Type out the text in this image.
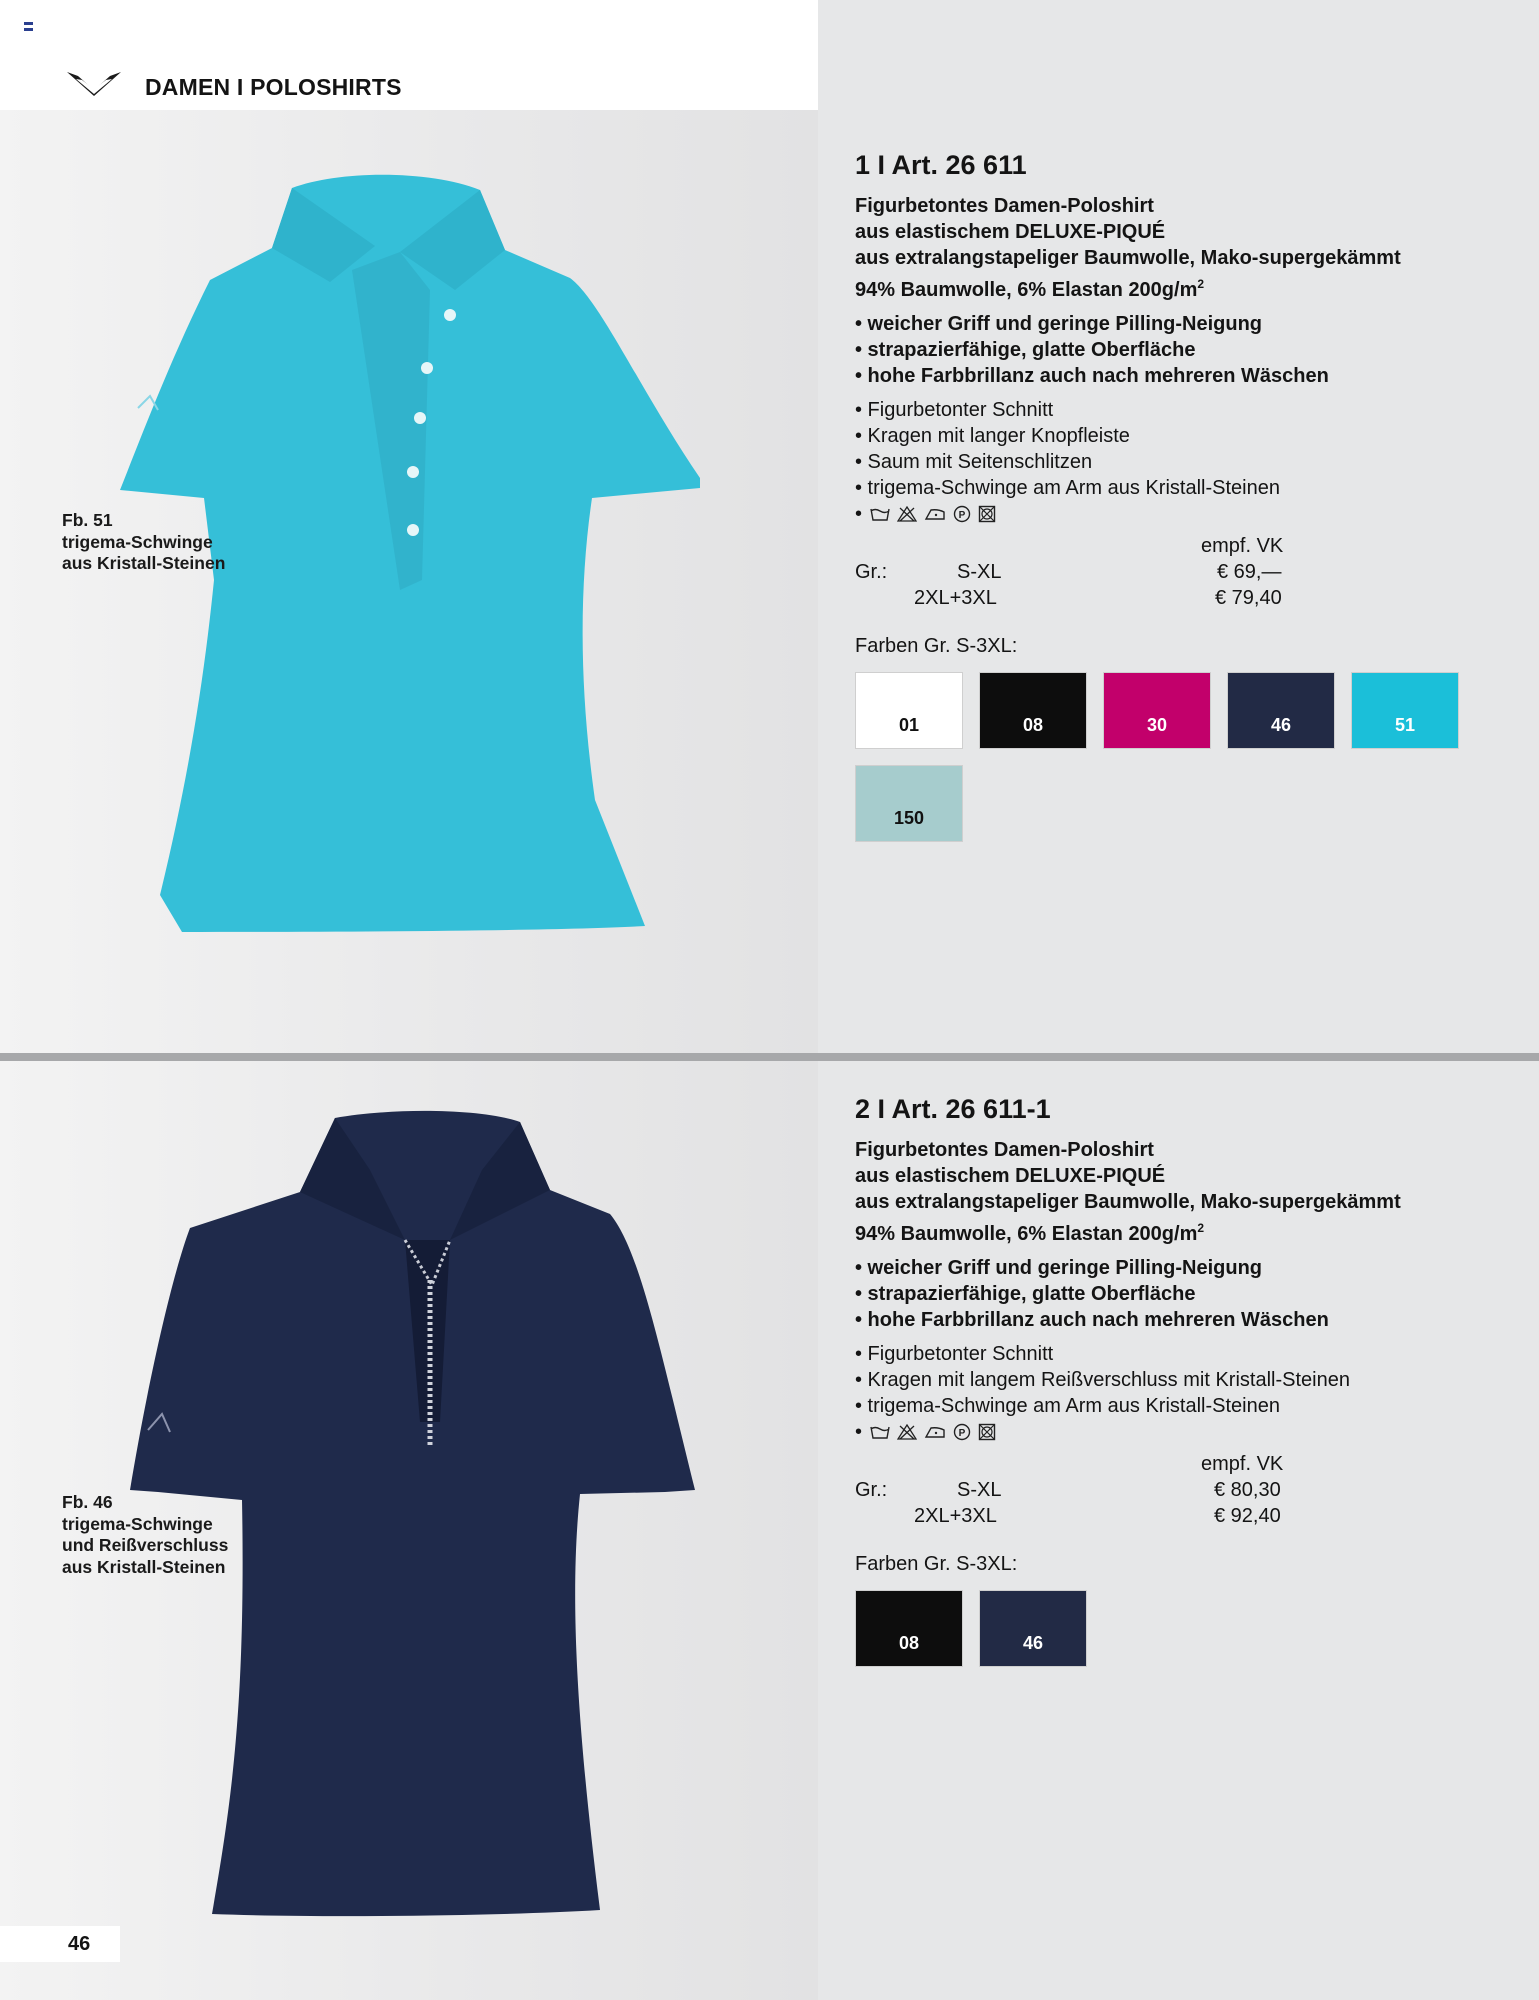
DAMEN I POLOSHIRTS
Fb. 51
trigema-Schwinge
aus Kristall-Steinen
1 I Art. 26 611
Figurbetontes Damen-Poloshirt
aus elastischem DELUXE-PIQUÉ
aus extralangstapeliger Baumwolle, Mako-supergekämmt
94% Baumwolle, 6% Elastan $200g/m^2$
• weicher Griff und geringe Pilling-Neigung
• strapazierfähige, glatte Oberfläche
• hohe Farbbrillanz auch nach mehreren Wäschen
• Figurbetonter Schnitt
• Kragen mit langer Knopfleiste
• Saum mit Seitenschlitzen
• trigema-Schwinge am Arm aus Kristall-Steinen
•	P
empf. VK
Gr.:	S-XL	€ 69,—
2XL+3XL	€ 79,40
Farben Gr. S-3XL:
01	08	30	46	51
150
Fb. 46
trigema-Schwinge
und Reißverschluss
aus Kristall-Steinen
2 I Art. 26 611-1
Figurbetontes Damen-Poloshirt
aus elastischem DELUXE-PIQUÉ
aus extralangstapeliger Baumwolle, Mako-supergekämmt
94% Baumwolle, 6% Elastan $200g/m^2$
• weicher Griff und geringe Pilling-Neigung
• strapazierfähige, glatte Oberfläche
• hohe Farbbrillanz auch nach mehreren Wäschen
• Figurbetonter Schnitt
• Kragen mit langem Reißverschluss mit Kristall-Steinen
• trigema-Schwinge am Arm aus Kristall-Steinen
•	P
empf. VK
Gr.:	S-XL	€ 80,30
2XL+3XL	€ 92,40
Farben Gr. S-3XL:
08	46
46
